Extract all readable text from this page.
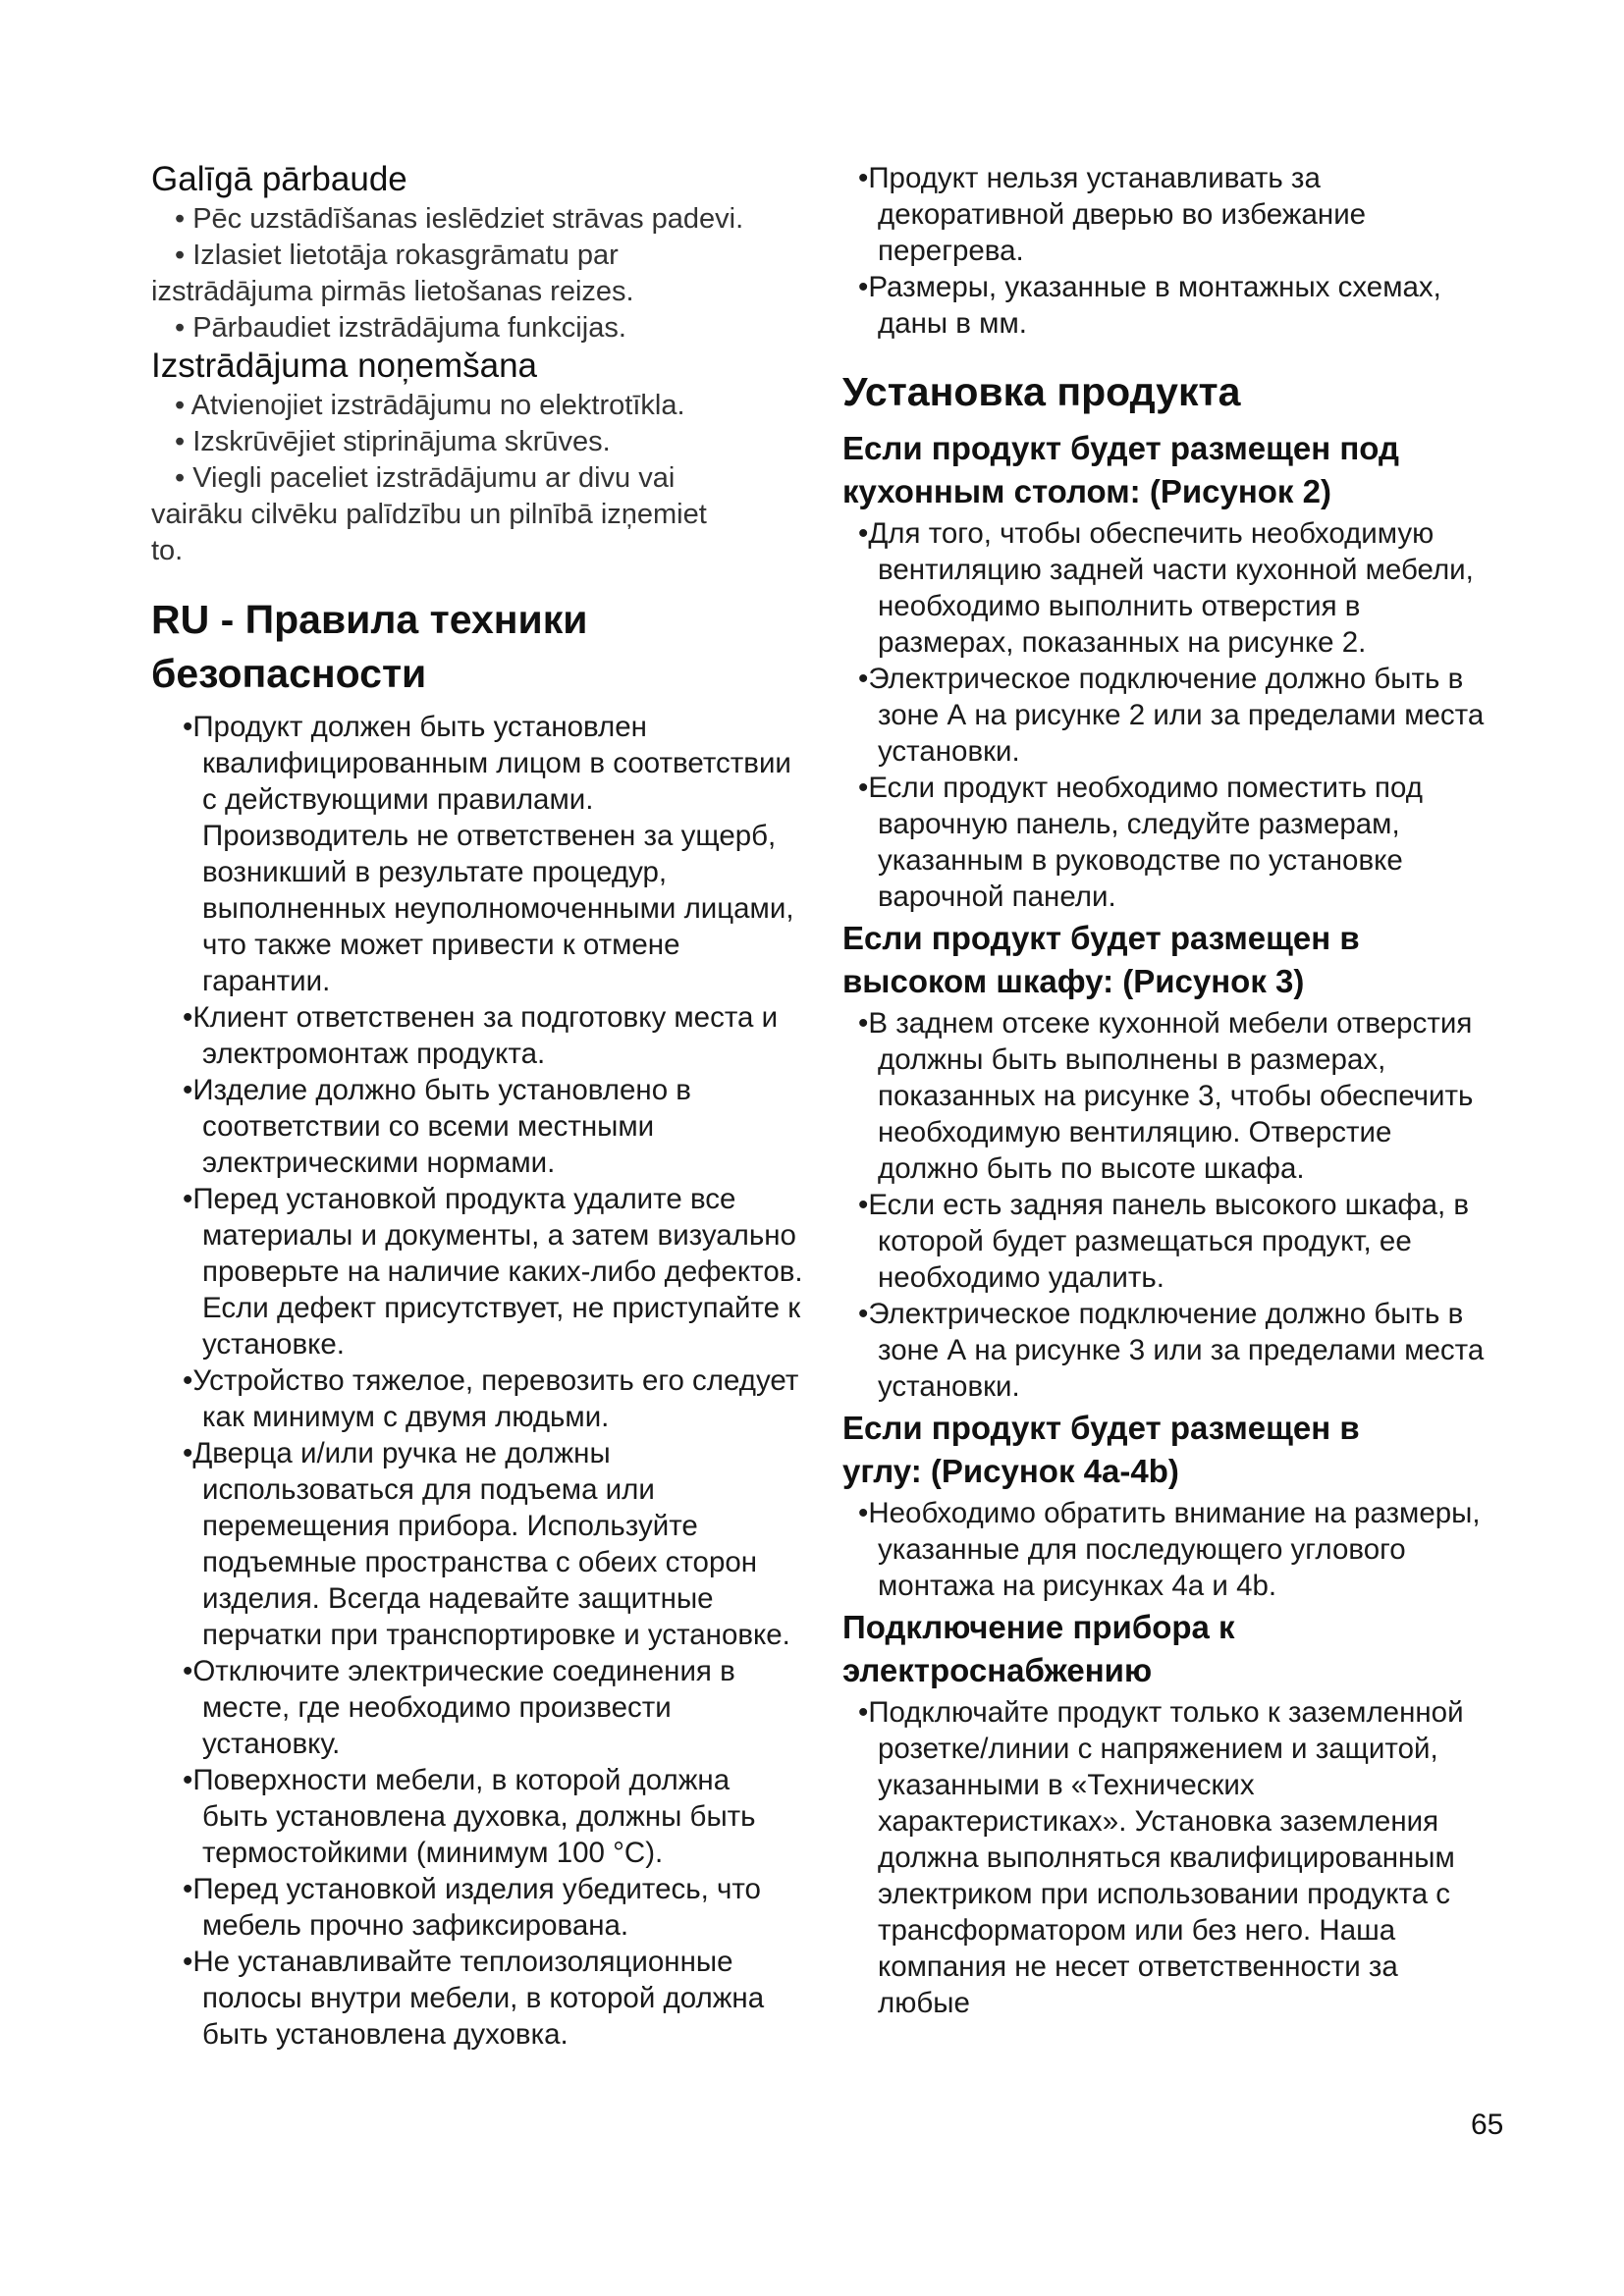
Galīgā pārbaude
• Pēc uzstādīšanas ieslēdziet strāvas padevi.
• Izlasiet lietotāja rokasgrāmatu par
izstrādājuma pirmās lietošanas reizes.
• Pārbaudiet izstrādājuma funkcijas.
Izstrādājuma noņemšana
• Atvienojiet izstrādājumu no elektrotīkla.
• Izskrūvējiet stiprinājuma skrūves.
• Viegli paceliet izstrādājumu ar divu vai
vairāku cilvēku palīdzību un pilnībā izņemiet
to.
RU - Правила техники
безопасности
•Продукт должен быть установлен квалифицированным лицом в соответствии с действующими правилами. Производитель не ответственен за ущерб, возникший в результате процедур, выполненных неуполномоченными лицами, что также может привести к отмене гарантии.
•Клиент ответственен за подготовку места и электромонтаж продукта.
•Изделие должно быть установлено в соответствии со всеми местными электрическими нормами.
•Перед установкой продукта удалите все материалы и документы, а затем визуально проверьте на наличие каких-либо дефектов. Если дефект присутствует, не приступайте к установке.
•Устройство тяжелое, перевозить его следует как минимум с двумя людьми.
•Дверца и/или ручка не должны использоваться для подъема или перемещения прибора. Используйте подъемные пространства с обеих сторон изделия. Всегда надевайте защитные перчатки при транспортировке и установке.
•Отключите электрические соединения в месте, где необходимо произвести установку.
•Поверхности мебели, в которой должна быть установлена духовка, должны быть термостойкими (минимум 100 °C).
•Перед установкой изделия убедитесь, что мебель прочно зафиксирована.
•Не устанавливайте теплоизоляционные полосы внутри мебели, в которой должна быть установлена духовка.
•Продукт нельзя устанавливать за декоративной дверью во избежание перегрева.
•Размеры, указанные в монтажных схемах, даны в мм.
Установка продукта
Если продукт будет размещен под
кухонным столом: (Рисунок 2)
•Для того, чтобы обеспечить необходимую вентиляцию задней части кухонной мебели, необходимо выполнить отверстия в размерах, показанных на рисунке 2.
•Электрическое подключение должно быть в зоне А на рисунке 2 или за пределами места установки.
•Если продукт необходимо поместить под варочную панель, следуйте размерам, указанным в руководстве по установке варочной панели.
Если продукт будет размещен в
высоком шкафу: (Рисунок 3)
•В заднем отсеке кухонной мебели отверстия должны быть выполнены в размерах, показанных на рисунке 3, чтобы обеспечить необходимую вентиляцию. Отверстие должно быть по высоте шкафа.
•Если есть задняя панель высокого шкафа, в которой будет размещаться продукт, ее необходимо удалить.
•Электрическое подключение должно быть в зоне А на рисунке 3 или за пределами места установки.
Если продукт будет размещен в
углу: (Рисунок 4а-4b)
•Необходимо обратить внимание на размеры, указанные для последующего углового монтажа на рисунках 4a и 4b.
Подключение прибора к
электроснабжению
•Подключайте продукт только к заземленной розетке/линии с напряжением и защитой, указанными в «Технических характеристиках». Установка заземления должна выполняться квалифицированным электриком при использовании продукта с трансформатором или без него. Наша компания не несет ответственности за любые
65
